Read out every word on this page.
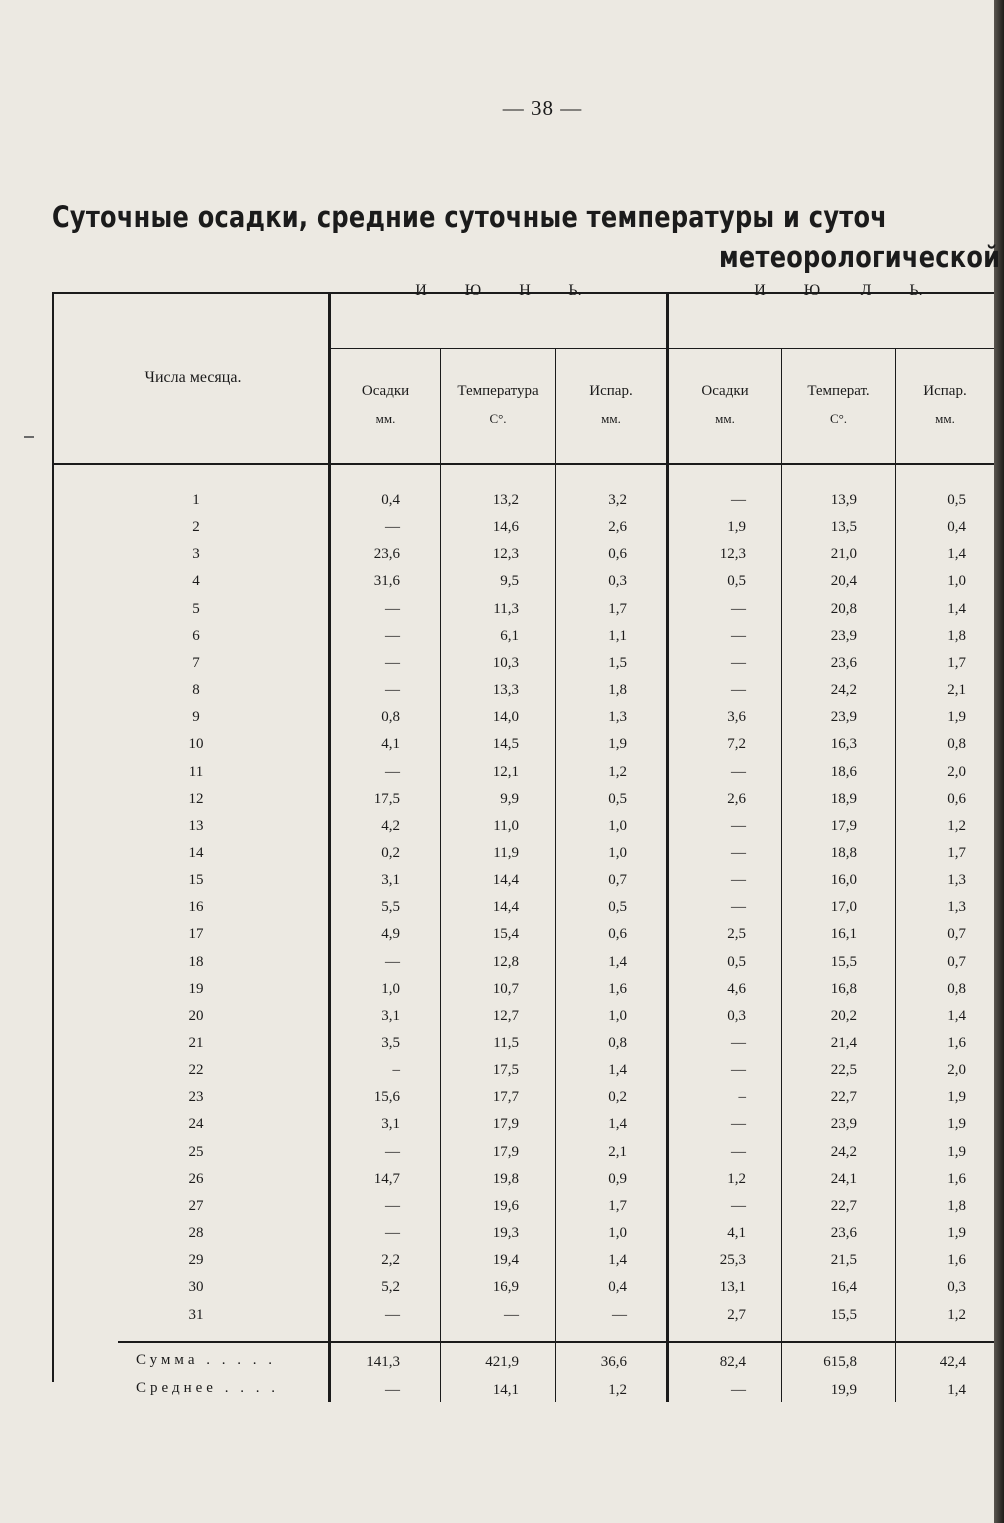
— 38 —
Суточные осадки, средние суточные температуры и суточ
метеорологической
Числа месяца.
И	Ю	Н	Ь.	И	Ю	Л	Ь.
Осадки
мм.
Температура
C°.
Испар.
мм.
Осадки
мм.
Температ.
C°.
Испар.
мм.
1	0,4	13,2	3,2	—	13,9	0,5
2	—	14,6	2,6	1,9	13,5	0,4
3	23,6	12,3	0,6	12,3	21,0	1,4
4	31,6	9,5	0,3	0,5	20,4	1,0
5	—	11,3	1,7	—	20,8	1,4
6	—	6,1	1,1	—	23,9	1,8
7	—	10,3	1,5	—	23,6	1,7
8	—	13,3	1,8	—	24,2	2,1
9	0,8	14,0	1,3	3,6	23,9	1,9
10	4,1	14,5	1,9	7,2	16,3	0,8
11	—	12,1	1,2	—	18,6	2,0
12	17,5	9,9	0,5	2,6	18,9	0,6
13	4,2	11,0	1,0	—	17,9	1,2
14	0,2	11,9	1,0	—	18,8	1,7
15	3,1	14,4	0,7	—	16,0	1,3
16	5,5	14,4	0,5	—	17,0	1,3
17	4,9	15,4	0,6	2,5	16,1	0,7
18	—	12,8	1,4	0,5	15,5	0,7
19	1,0	10,7	1,6	4,6	16,8	0,8
20	3,1	12,7	1,0	0,3	20,2	1,4
21	3,5	11,5	0,8	—	21,4	1,6
22	–	17,5	1,4	—	22,5	2,0
23	15,6	17,7	0,2	–	22,7	1,9
24	3,1	17,9	1,4	—	23,9	1,9
25	—	17,9	2,1	—	24,2	1,9
26	14,7	19,8	0,9	1,2	24,1	1,6
27	—	19,6	1,7	—	22,7	1,8
28	—	19,3	1,0	4,1	23,6	1,9
29	2,2	19,4	1,4	25,3	21,5	1,6
30	5,2	16,9	0,4	13,1	16,4	0,3
31	—	—	—	2,7	15,5	1,2
Сумма . . . . .	141,3	421,9	36,6	82,4	615,8	42,4
Среднее . . . .	—	14,1	1,2	—	19,9	1,4
